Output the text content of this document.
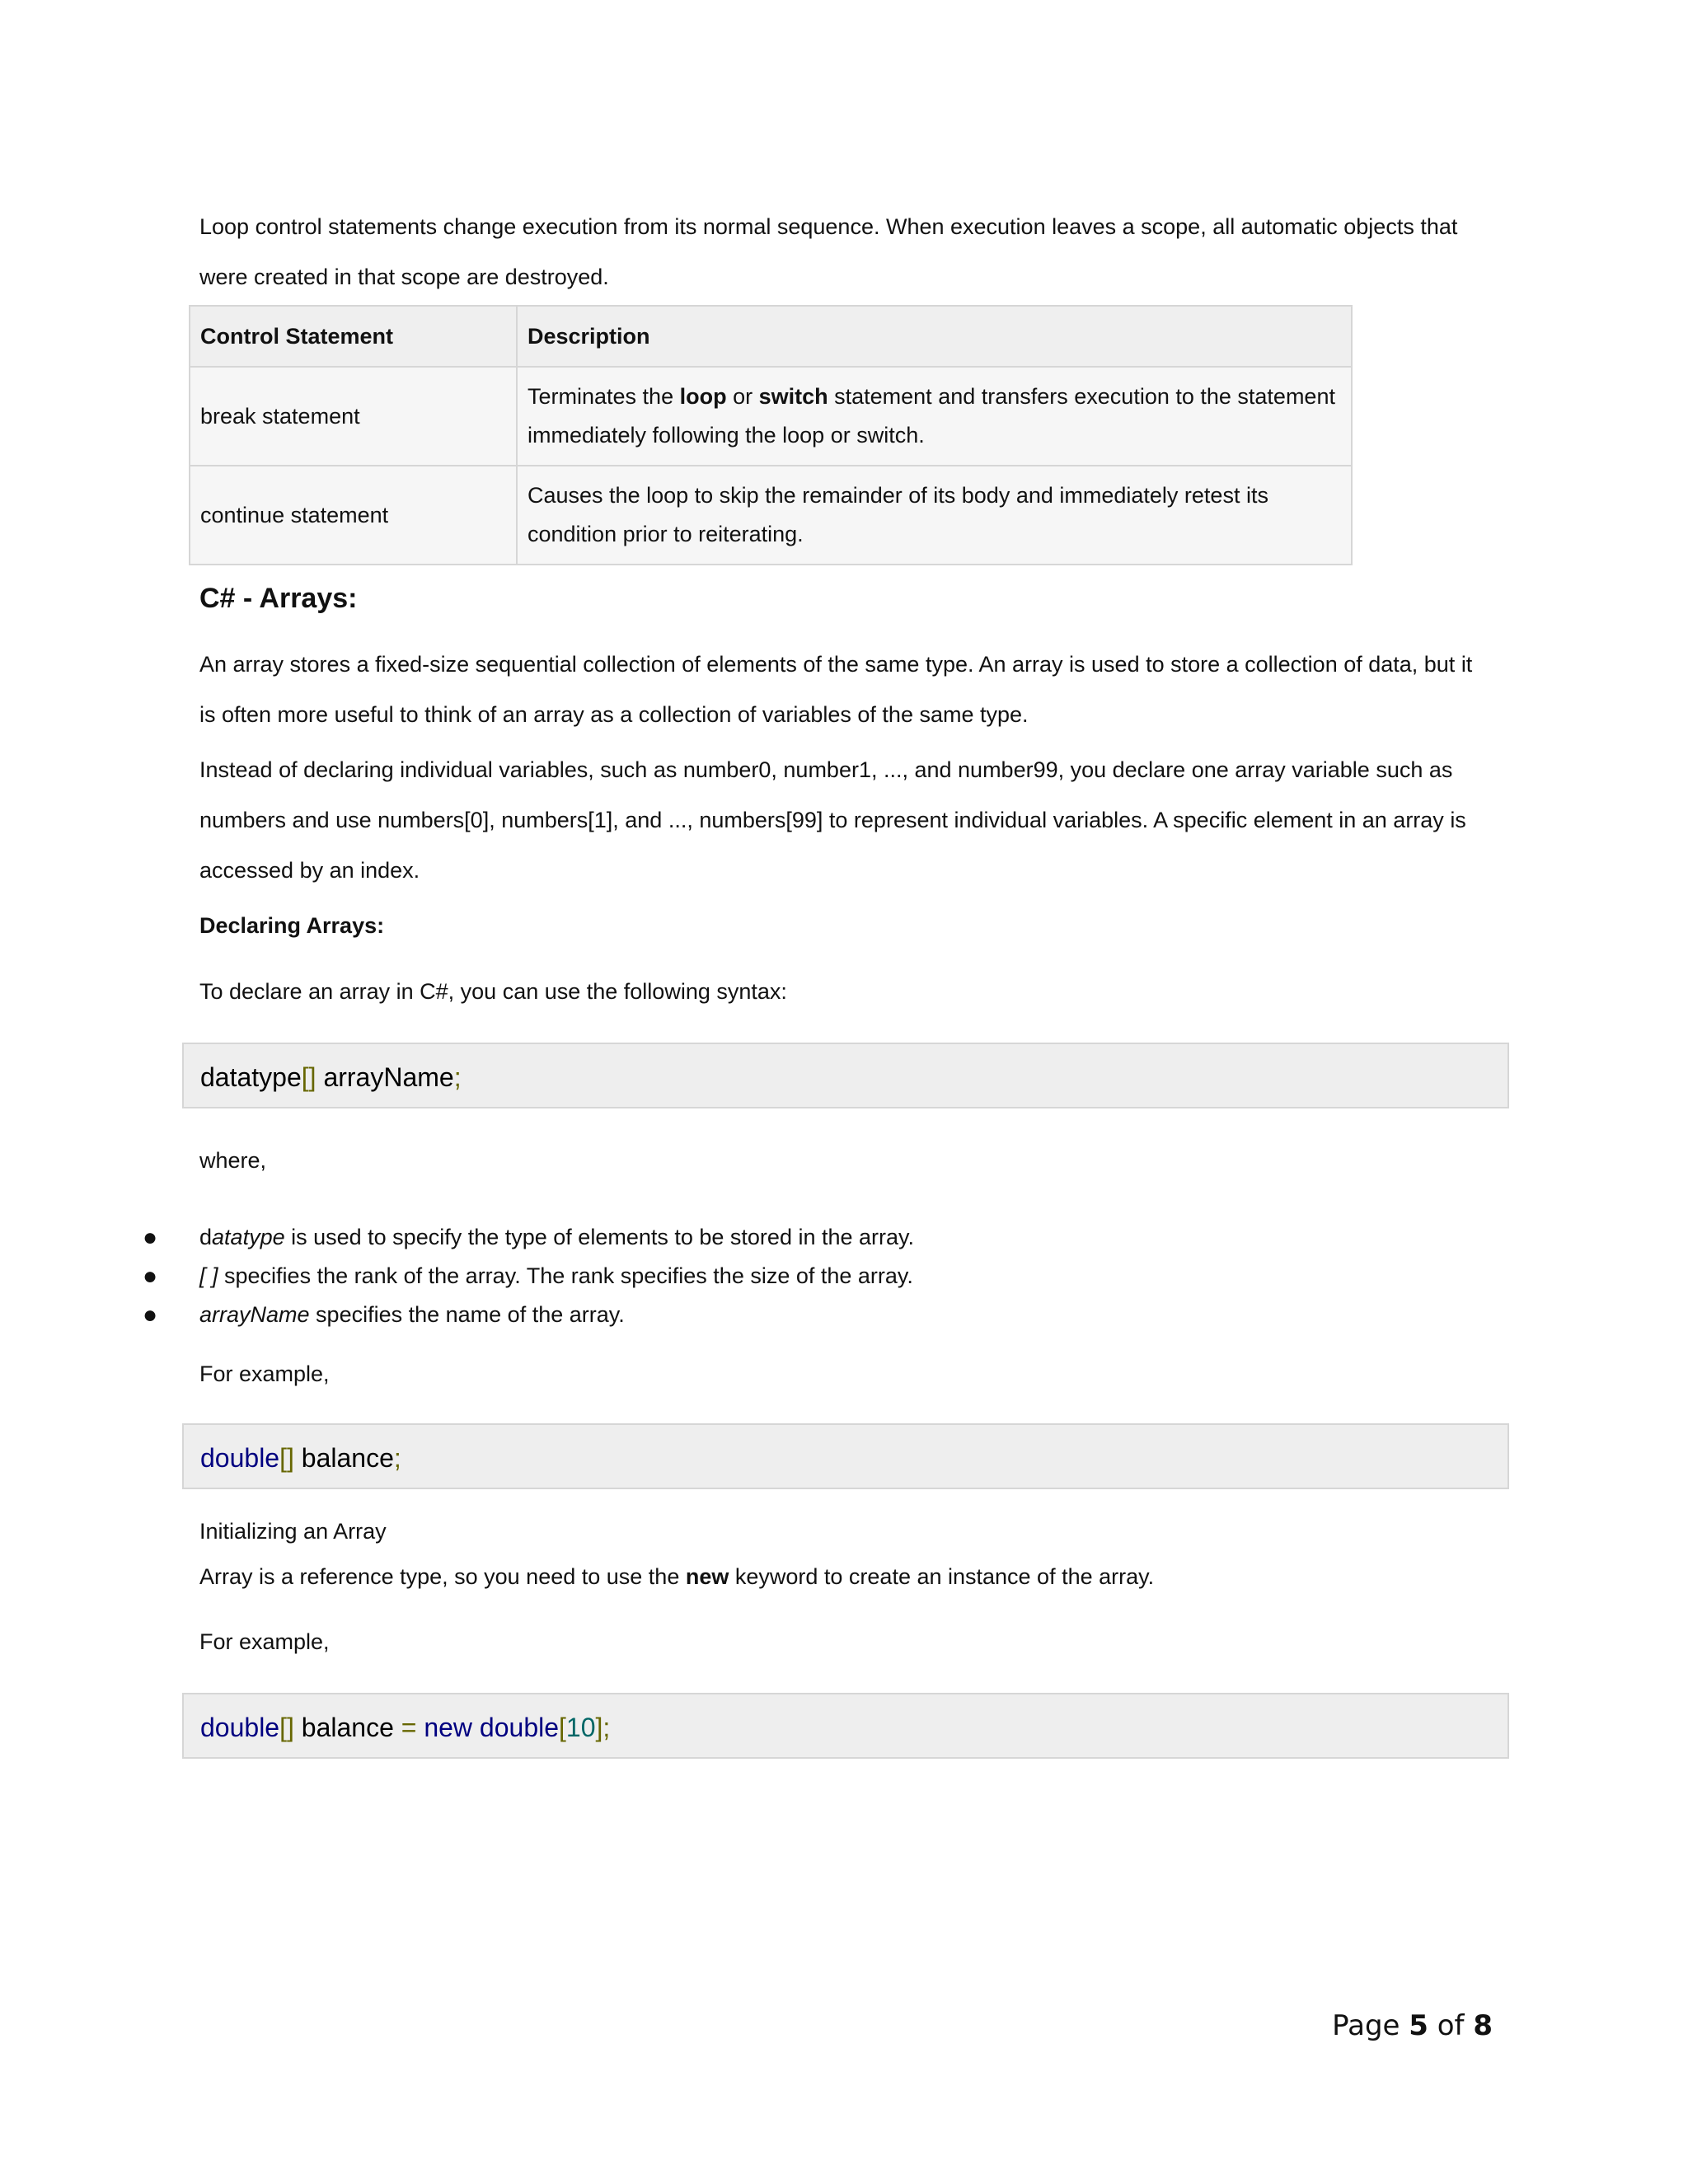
Loop control statements change execution from its normal sequence. When execution leaves a scope, all automatic objects that
were created in that scope are destroyed.

Control Statement	Description
break statement	Terminates the loop or switch statement and transfers execution to the statement
immediately following the loop or switch.
continue statement	Causes the loop to skip the remainder of its body and immediately retest its
condition prior to reiterating.
C# - Arrays:

An array stores a fixed-size sequential collection of elements of the same type. An array is used to store a collection of data, but it
is often more useful to think of an array as a collection of variables of the same type.

Instead of declaring individual variables, such as number0, number1, ..., and number99, you declare one array variable such as
numbers and use numbers[0], numbers[1], and ..., numbers[99] to represent individual variables. A specific element in an array is
accessed by an index.

Declaring Arrays:

To declare an array in C#, you can use the following syntax:

datatype[] arrayName;

where,

● datatype is used to specify the type of elements to be stored in the array.
● [ ] specifies the rank of the array. The rank specifies the size of the array.
● arrayName specifies the name of the array.

For example,

double[] balance;

Initializing an Array

Array is a reference type, so you need to use the new keyword to create an instance of the array.

For example,

double[] balance = new double[10];
Page 5 of 8
